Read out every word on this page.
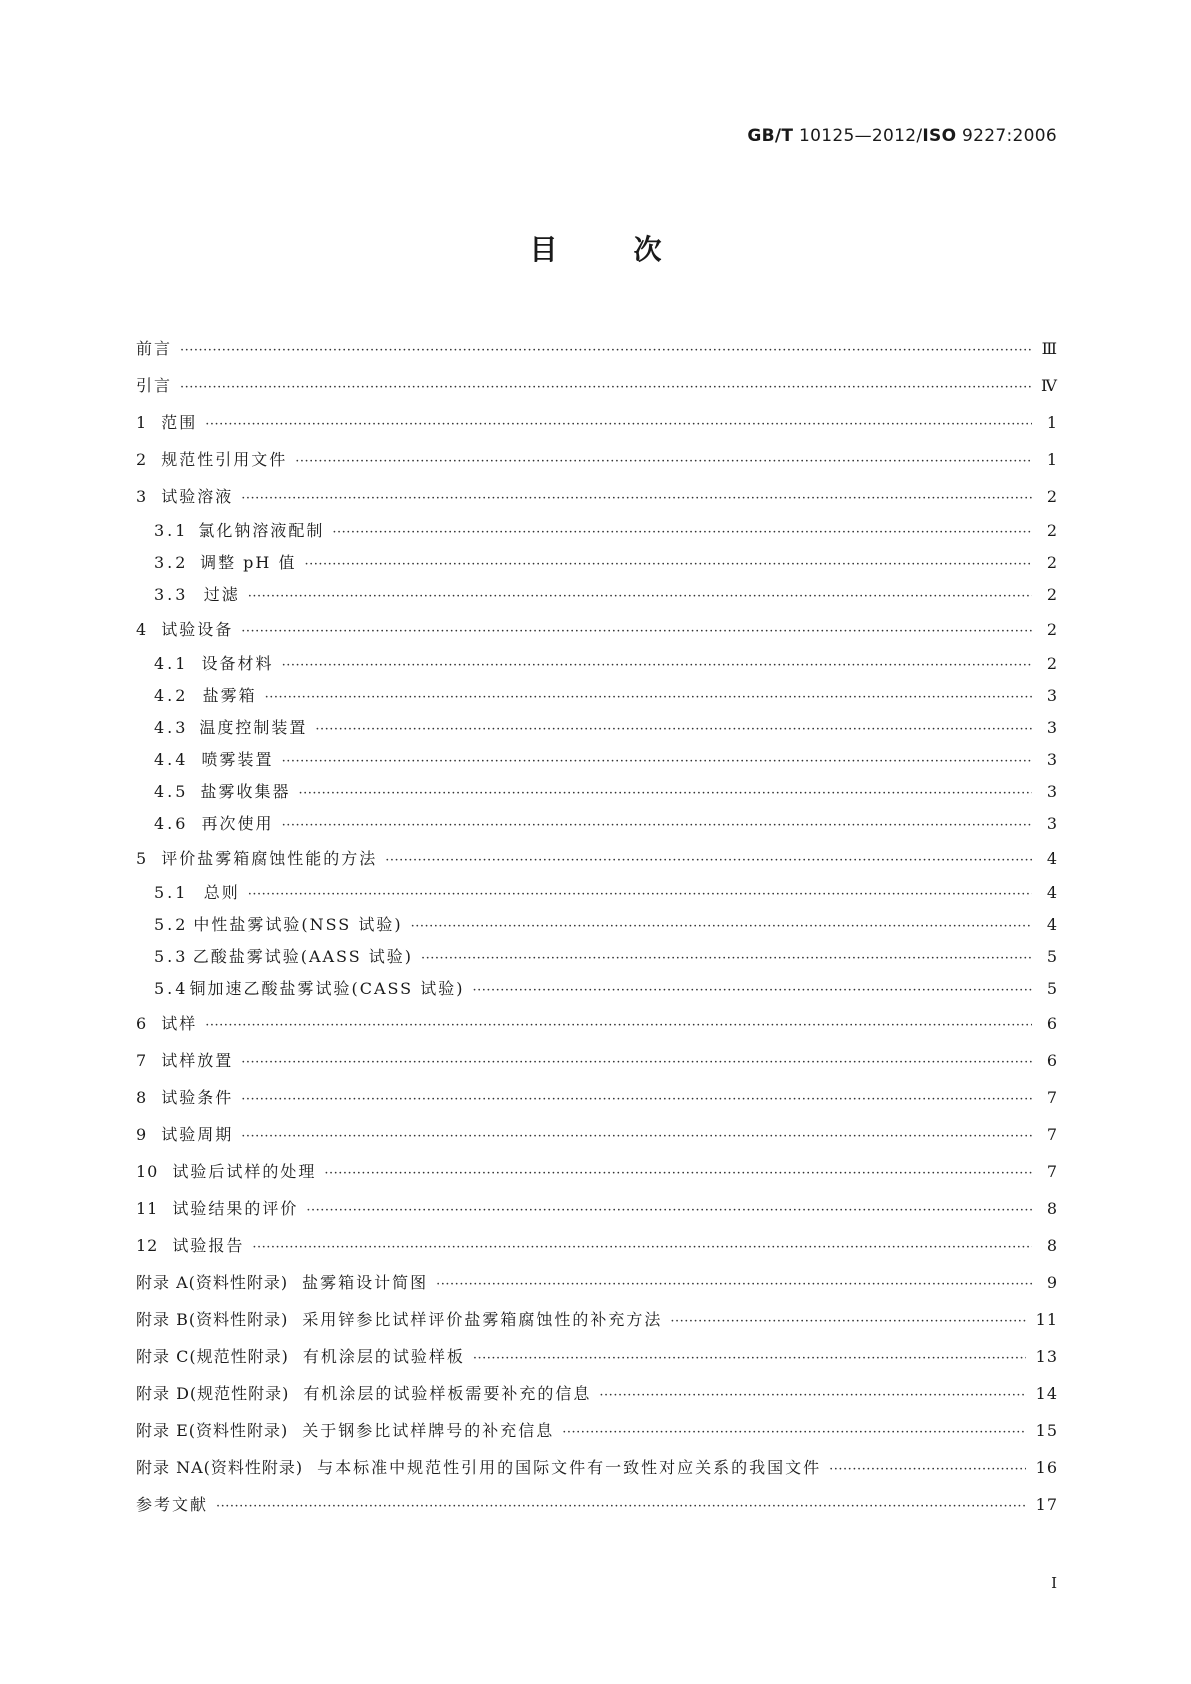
GB/T 10125—2012/ISO 9227:2006
目次
前言 ·····	Ⅲ
引言 ·····	Ⅳ
1 范围 ·····	1
2 规范性引用文件 ·····	1
3 试验溶液 ·····	2
3.1 氯化钠溶液配制 ·····	2
3.2 调整 pH 值 ·····	2
3.3 过滤 ·····	2
4 试验设备 ·····	2
4.1 设备材料 ·····	2
4.2 盐雾箱 ·····	3
4.3 温度控制装置 ·····	3
4.4 喷雾装置 ·····	3
4.5 盐雾收集器 ·····	3
4.6 再次使用 ·····	3
5 评价盐雾箱腐蚀性能的方法 ·····	4
5.1 总则 ·····	4
5.2 中性盐雾试验(NSS 试验) ·····	4
5.3 乙酸盐雾试验(AASS 试验) ·····	5
5.4 铜加速乙酸盐雾试验(CASS 试验) ·····	5
6 试样 ·····	6
7 试样放置 ·····	6
8 试验条件 ·····	7
9 试验周期 ·····	7
10 试验后试样的处理 ·····	7
11 试验结果的评价 ·····	8
12 试验报告 ·····	8
附录 A(资料性附录) 盐雾箱设计简图 ·····	9
附录 B(资料性附录) 采用锌参比试样评价盐雾箱腐蚀性的补充方法 ·····	11
附录 C(规范性附录) 有机涂层的试验样板 ·····	13
附录 D(规范性附录) 有机涂层的试验样板需要补充的信息 ·····	14
附录 E(资料性附录) 关于钢参比试样牌号的补充信息 ·····	15
附录 NA(资料性附录) 与本标准中规范性引用的国际文件有一致性对应关系的我国文件 ·····	16
参考文献 ·····	17
I
